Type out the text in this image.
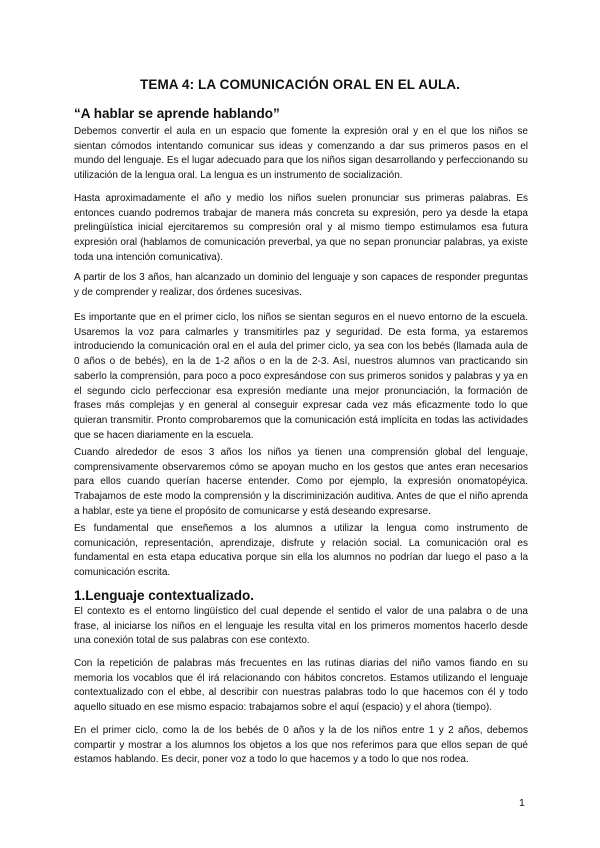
TEMA 4: LA COMUNICACIÓN ORAL EN EL AULA.
“A hablar se aprende hablando”

Debemos convertir el aula en un espacio que fomente la expresión oral y en el que los niños se sientan cómodos intentando comunicar sus ideas y comenzando a dar sus primeros pasos en el mundo del lenguaje. Es el lugar adecuado para que los niños sigan desarrollando y perfeccionando su utilización de la lengua oral. La lengua es un instrumento de socialización.

Hasta aproximadamente el año y medio los niños suelen pronunciar sus primeras palabras. Es entonces cuando podremos trabajar de manera más concreta su expresión, pero ya desde la etapa prelingüística inicial ejercitaremos su compresión oral y al mismo tiempo estimulamos esa futura expresión oral (hablamos de comunicación preverbal, ya que no sepan pronunciar palabras, ya existe toda una intención comunicativa).

A partir de los 3 años, han alcanzado un dominio del lenguaje y son capaces de responder preguntas y de comprender y realizar, dos órdenes sucesivas.

Es importante que en el primer ciclo, los niños se sientan seguros en el nuevo entorno de la escuela. Usaremos la voz para calmarles y transmitirles paz y seguridad. De esta forma, ya estaremos introduciendo la comunicación oral en el aula del primer ciclo, ya sea con los bebés (llamada aula de 0 años o de bebés), en la de 1-2 años o en la de 2-3. Así, nuestros alumnos van practicando sin saberlo la comprensión, para poco a poco expresándose con sus primeros sonidos y palabras y ya en el segundo ciclo perfeccionar esa expresión mediante una mejor pronunciación, la formación de frases más complejas y en general al conseguir expresar cada vez más eficazmente todo lo que quieran transmitir. Pronto comprobaremos que la comunicación está implícita en todas las actividades que se hacen diariamente en la escuela.

Cuando alrededor de esos 3 años los niños ya tienen una comprensión global del lenguaje, comprensivamente observaremos cómo se apoyan mucho en los gestos que antes eran necesarios para ellos cuando querían hacerse entender. Como por ejemplo, la expresión onomatopéyica. Trabajamos de este modo la comprensión y la discriminización auditiva. Antes de que el niño aprenda a hablar, este ya tiene el propósito de comunicarse y está deseando expresarse.

Es fundamental que enseñemos a los alumnos a utilizar la lengua como instrumento de comunicación, representación, aprendizaje, disfrute y relación social. La comunicación oral es fundamental en esta etapa educativa porque sin ella los alumnos no podrían dar luego el paso a la comunicación escrita.

1.Lenguaje contextualizado.

El contexto es el entorno lingüístico del cual depende el sentido el valor de una palabra o de una frase, al iniciarse los niños en el lenguaje les resulta vital en los primeros momentos hacerlo desde una conexión total de sus palabras con ese contexto.

Con la repetición de palabras más frecuentes en las rutinas diarias del niño vamos fiando en su memoria los vocablos que él irá relacionando con hábitos concretos. Estamos utilizando el lenguaje contextualizado con el ebbe, al describir con nuestras palabras todo lo que hacemos con él y todo aquello situado en ese mismo espacio: trabajamos sobre el aquí (espacio) y el ahora (tiempo).

En el primer ciclo, como la de los bebés de 0 años y la de los niños entre 1 y 2 años, debemos compartir y mostrar a los alumnos los objetos a los que nos referimos para que ellos sepan de qué estamos hablando. Es decir, poner voz a todo lo que hacemos y a todo lo que nos rodea.

1
